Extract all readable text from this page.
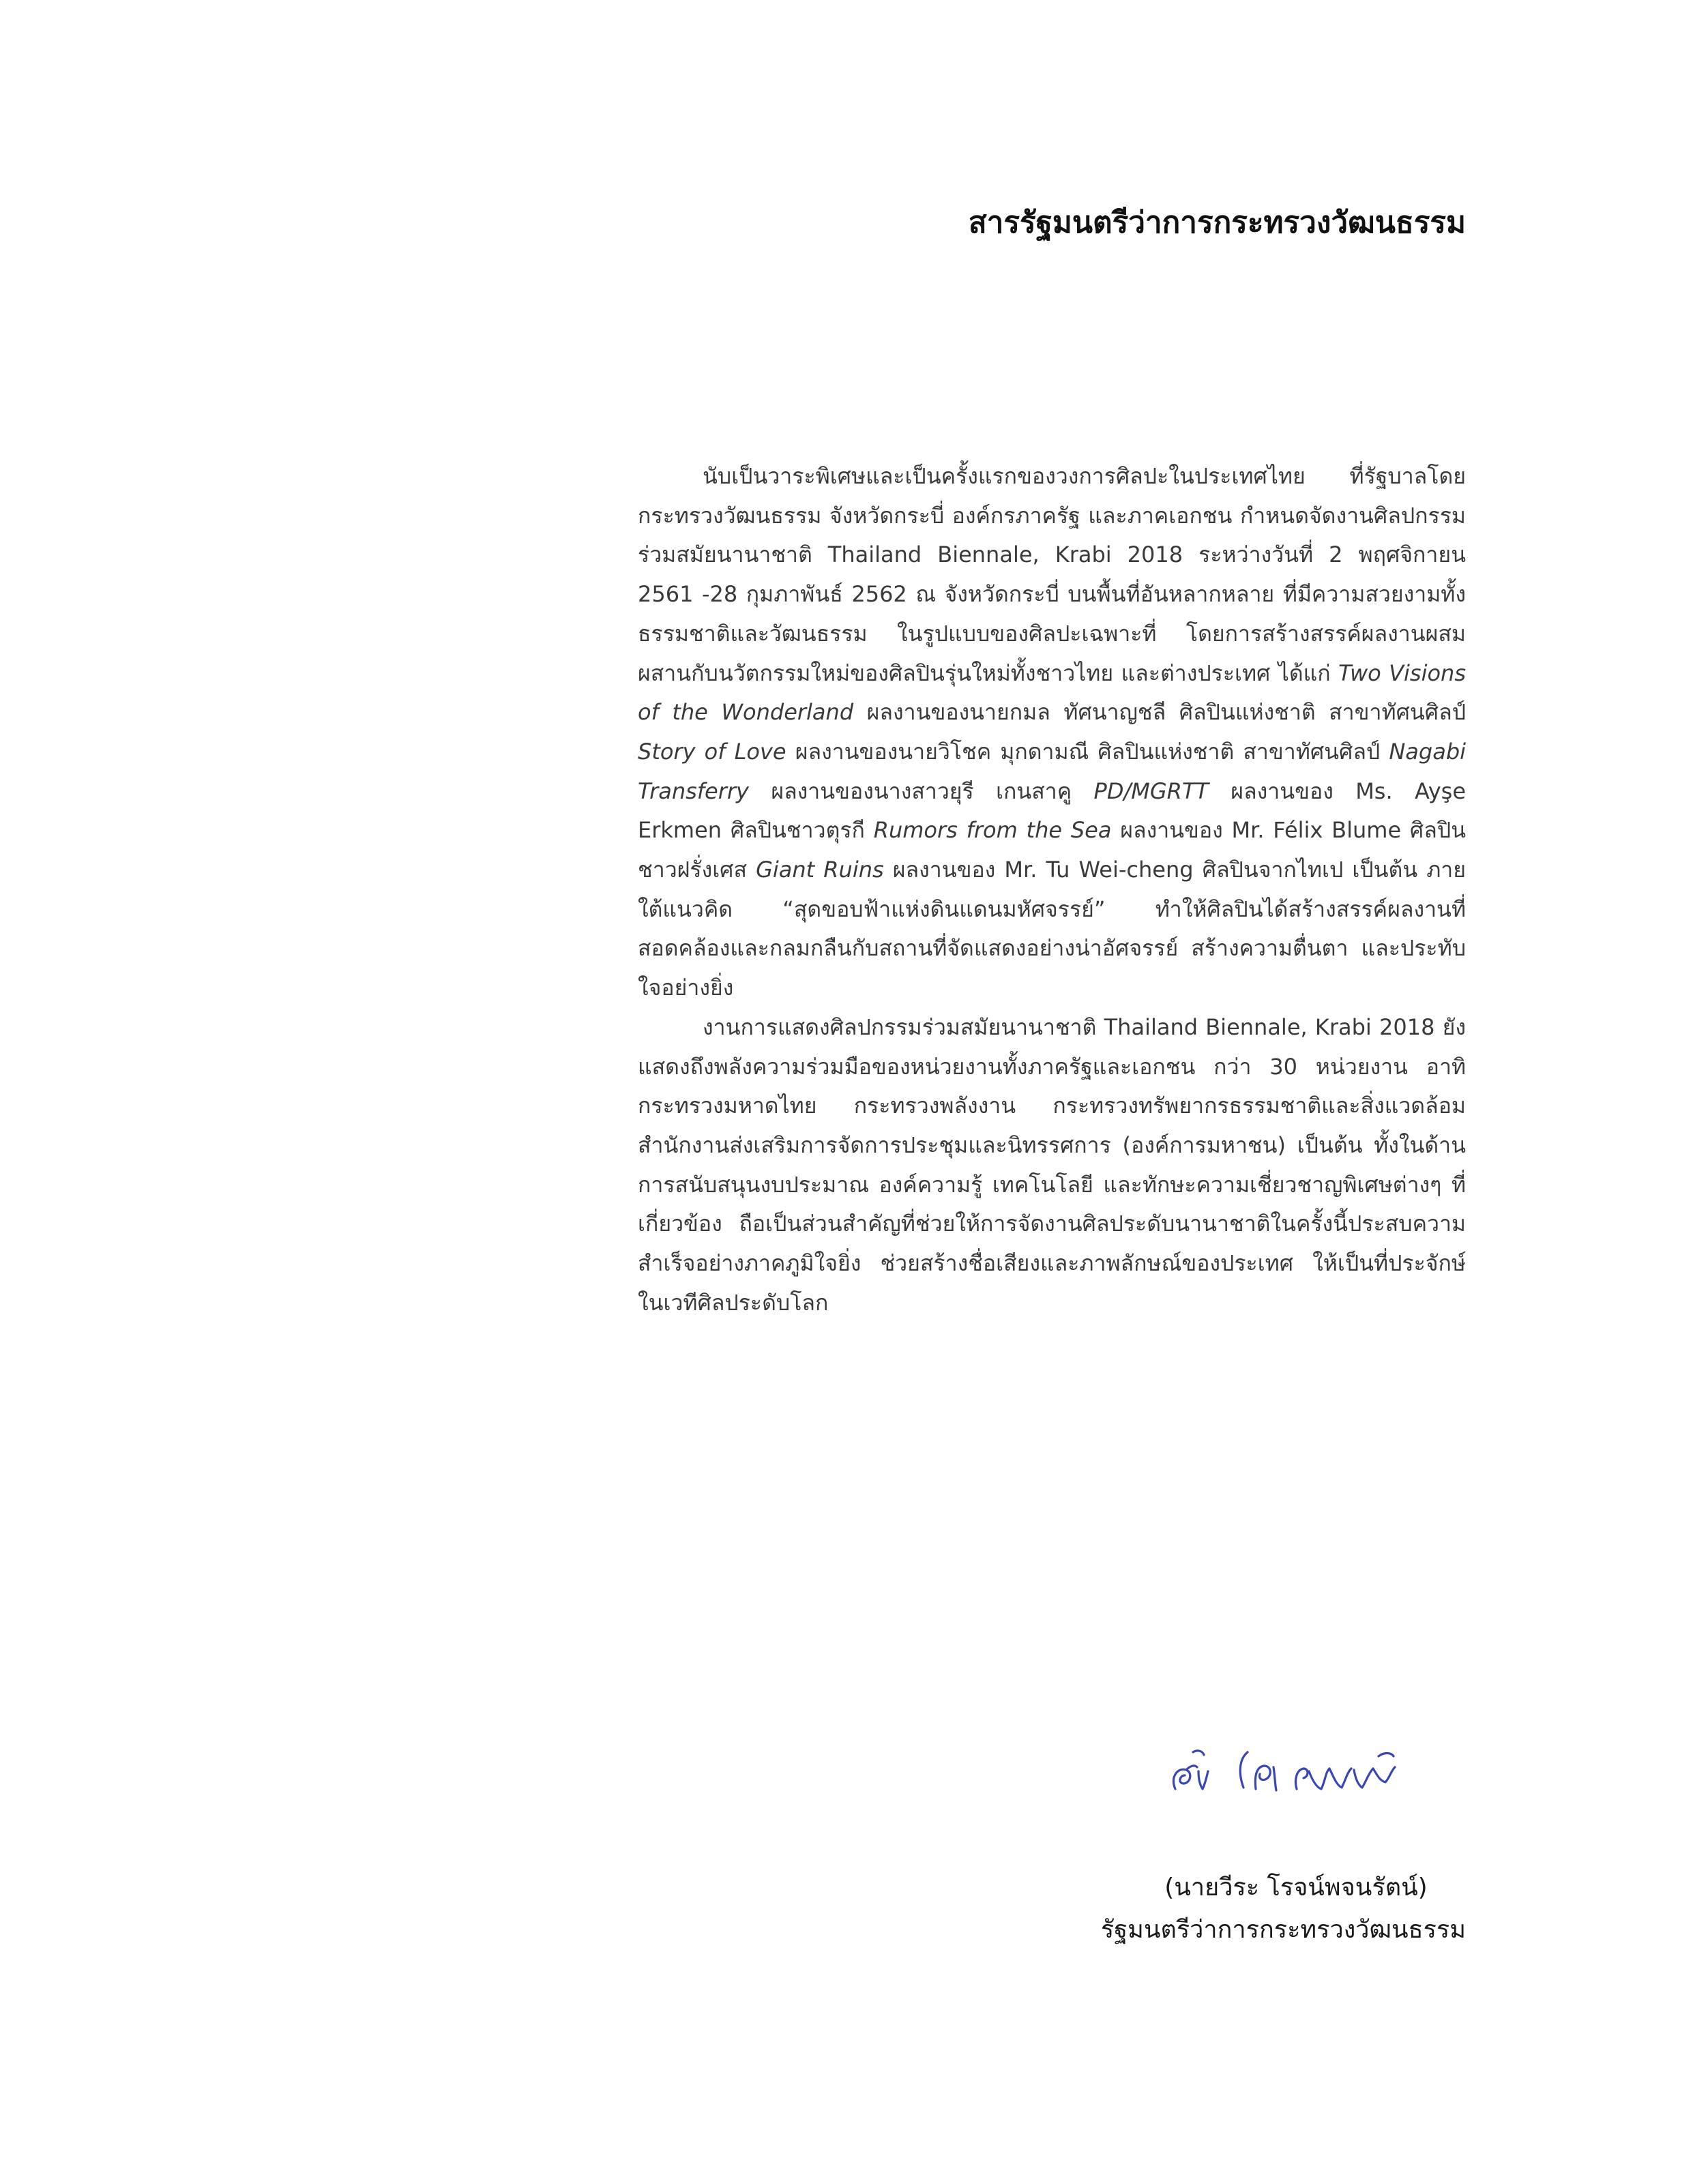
สารรัฐมนตรีว่าการกระทรวงวัฒนธรรม

นับเป็นวาระพิเศษและเป็นครั้งแรกของวงการศิลปะในประเทศไทย ที่รัฐบาลโดยกระทรวงวัฒนธรรม จังหวัดกระบี่ องค์กรภาครัฐ และภาคเอกชน กำหนดจัดงานศิลปกรรมร่วมสมัยนานาชาติ Thailand Biennale, Krabi 2018 ระหว่างวันที่ 2 พฤศจิกายน 2561 -28 กุมภาพันธ์ 2562 ณ จังหวัดกระบี่ บนพื้นที่อันหลากหลาย ที่มีความสวยงามทั้งธรรมชาติและวัฒนธรรม ในรูปแบบของศิลปะเฉพาะที่ โดยการสร้างสรรค์ผลงานผสมผสานกับนวัตกรรมใหม่ของศิลปินรุ่นใหม่ทั้งชาวไทย และต่างประเทศ ได้แก่ Two Visions of the Wonderland ผลงานของนายกมล ทัศนาญชลี ศิลปินแห่งชาติ สาขาทัศนศิลป์ Story of Love ผลงานของนายวิโชค มุกดามณี ศิลปินแห่งชาติ สาขาทัศนศิลป์ Nagabi Transferry ผลงานของนางสาวยุรี เกนสาคู PD/MGRTT ผลงานของ Ms. Ayşe Erkmen ศิลปินชาวตุรกี Rumors from the Sea ผลงานของ Mr. Félix Blume ศิลปินชาวฝรั่งเศส Giant Ruins ผลงานของ Mr. Tu Wei-cheng ศิลปินจากไทเป เป็นต้น ภายใต้แนวคิด “สุดขอบฟ้าแห่งดินแดนมหัศจรรย์” ทำให้ศิลปินได้สร้างสรรค์ผลงานที่สอดคล้องและกลมกลืนกับสถานที่จัดแสดงอย่างน่าอัศจรรย์ สร้างความตื่นตา และประทับใจอย่างยิ่ง

งานการแสดงศิลปกรรมร่วมสมัยนานาชาติ Thailand Biennale, Krabi 2018 ยังแสดงถึงพลังความร่วมมือของหน่วยงานทั้งภาครัฐและเอกชน กว่า 30 หน่วยงาน อาทิ กระทรวงมหาดไทย กระทรวงพลังงาน กระทรวงทรัพยากรธรรมชาติและสิ่งแวดล้อม สำนักงานส่งเสริมการจัดการประชุมและนิทรรศการ (องค์การมหาชน) เป็นต้น ทั้งในด้านการสนับสนุนงบประมาณ องค์ความรู้ เทคโนโลยี และทักษะความเชี่ยวชาญพิเศษต่างๆ ที่เกี่ยวข้อง ถือเป็นส่วนสำคัญที่ช่วยให้การจัดงานศิลประดับนานาชาติในครั้งนี้ประสบความสำเร็จอย่างภาคภูมิใจยิ่ง ช่วยสร้างชื่อเสียงและภาพลักษณ์ของประเทศ ให้เป็นที่ประจักษ์ในเวทีศิลประดับโลก

(นายวีระ โรจน์พจนรัตน์)
รัฐมนตรีว่าการกระทรวงวัฒนธรรม
